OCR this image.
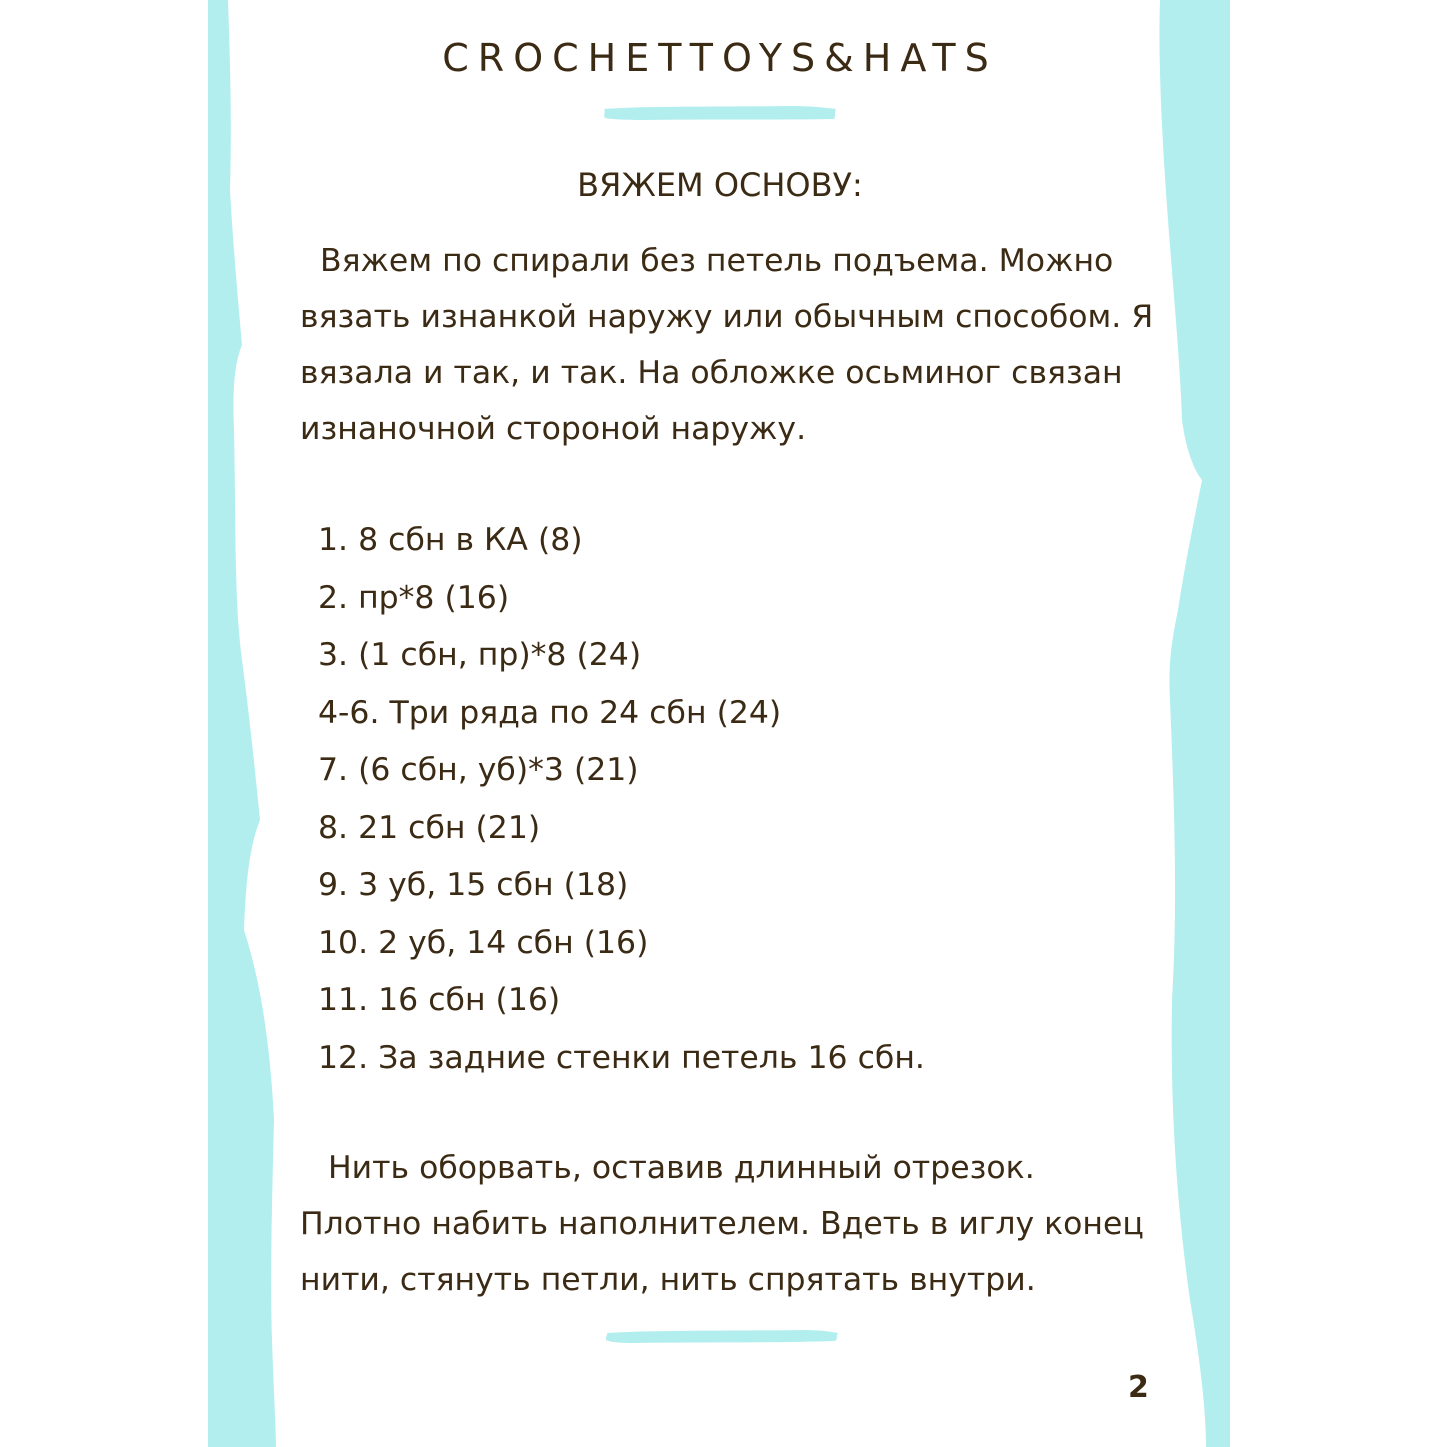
CROCHETTOYS&HATS
ВЯЖЕМ ОСНОВУ:

Вяжем по спирали без петель подъема. Можно вязать изнанкой наружу или обычным способом. Я вязала и так, и так. На обложке осьминог связан изнаночной стороной наружу.

1. 8 сбн в КА (8)
2. пр*8 (16)
3. (1 сбн, пр)*8 (24)
4-6. Три ряда по 24 сбн (24)
7. (6 сбн, уб)*3 (21)
8. 21 сбн (21)
9. 3 уб, 15 сбн (18)
10. 2 уб, 14 сбн (16)
11. 16 сбн (16)
12. За задние стенки петель 16 сбн.

Нить оборвать, оставив длинный отрезок. Плотно набить наполнителем. Вдеть в иглу конец нити, стянуть петли, нить спрятать внутри.

2
